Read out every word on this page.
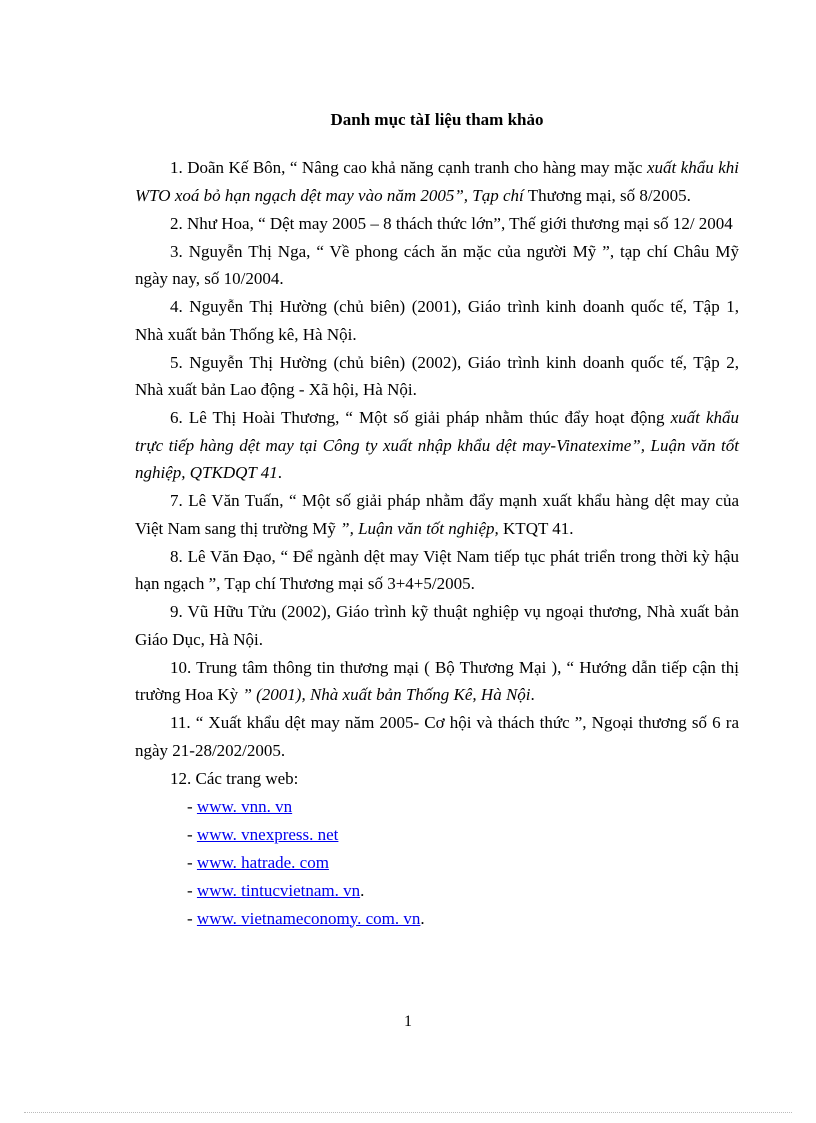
Danh mục tàI liệu tham khảo

1. Doãn Kế Bôn, “ Nâng cao khả năng cạnh tranh cho hàng may mặc xuất khẩu khi WTO xoá bỏ hạn ngạch dệt may vào năm 2005”, Tạp chí Thương mại, số 8/2005.

2. Như Hoa, “ Dệt may 2005 – 8 thách thức lớn”, Thế giới thương mại số 12/ 2004

3. Nguyễn Thị Nga, “ Về phong cách ăn mặc của người Mỹ ”, tạp chí Châu Mỹ ngày nay, số 10/2004.

4. Nguyễn Thị Hường (chủ biên) (2001), Giáo trình kinh doanh quốc tế, Tập 1, Nhà xuất bản Thống kê, Hà Nội.

5. Nguyễn Thị Hường (chủ biên) (2002), Giáo trình kinh doanh quốc tế, Tập 2, Nhà xuất bản Lao động - Xã hội, Hà Nội.

6. Lê Thị Hoài Thương, “ Một số giải pháp nhằm thúc đẩy hoạt động xuất khẩu trực tiếp hàng dệt may tại Công ty xuất nhập khẩu dệt may-Vinatexime”, Luận văn tốt nghiệp, QTKDQT 41.

7. Lê Văn Tuấn, “ Một số giải pháp nhằm đẩy mạnh xuất khẩu hàng dệt may của Việt Nam sang thị trường Mỹ ”, Luận văn tốt nghiệp, KTQT 41.

8. Lê Văn Đạo, “ Để ngành dệt may Việt Nam tiếp tục phát triển trong thời kỳ hậu hạn ngạch ”, Tạp chí Thương mại số 3+4+5/2005.

9. Vũ Hữu Tửu (2002), Giáo trình kỹ thuật nghiệp vụ ngoại thương, Nhà xuất bản Giáo Dục, Hà Nội.

10. Trung tâm thông tin thương mại ( Bộ Thương Mại ), “ Hướng dẫn tiếp cận thị trường Hoa Kỳ ” (2001), Nhà xuất bản Thống Kê, Hà Nội.

11. “ Xuất khẩu dệt may năm 2005- Cơ hội và thách thức ”, Ngoại thương số 6 ra ngày 21-28/202/2005.

12. Các trang web:

- www. vnn. vn

- www. vnexpress. net

- www. hatrade. com

- www. tintucvietnam. vn.

- www. vietnameconomy. com. vn.

1
